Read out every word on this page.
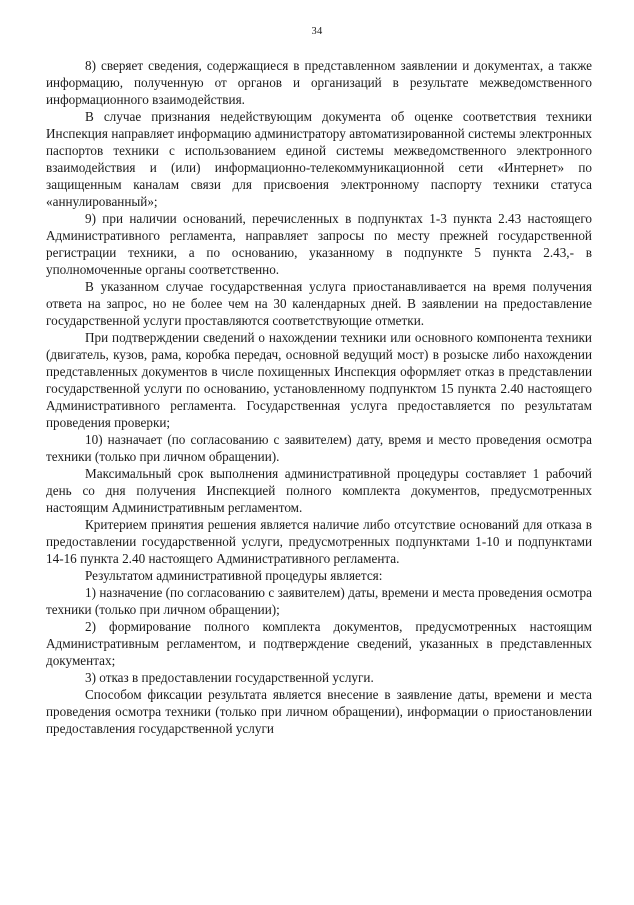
34

8) сверяет сведения, содержащиеся в представленном заявлении и документах, а также информацию, полученную от органов и организаций в результате межведомственного информационного взаимодействия.

В случае признания недействующим документа об оценке соответствия техники Инспекция направляет информацию администратору автоматизированной системы электронных паспортов техники с использованием единой системы межведомственного электронного взаимодействия и (или) информационно-телекоммуникационной сети «Интернет» по защищенным каналам связи для присвоения электронному паспорту техники статуса «аннулированный»;

9) при наличии оснований, перечисленных в подпунктах 1-3 пункта 2.43 настоящего Административного регламента, направляет запросы по месту прежней государственной регистрации техники, а по основанию, указанному в подпункте 5 пункта 2.43,- в уполномоченные органы соответственно.

В указанном случае государственная услуга приостанавливается на время получения ответа на запрос, но не более чем на 30 календарных дней. В заявлении на предоставление государственной услуги проставляются соответствующие отметки.

При подтверждении сведений о нахождении техники или основного компонента техники (двигатель, кузов, рама, коробка передач, основной ведущий мост) в розыске либо нахождении представленных документов в числе похищенных Инспекция оформляет отказ в представлении государственной услуги по основанию, установленному подпунктом 15 пункта 2.40 настоящего Административного регламента. Государственная услуга предоставляется по результатам проведения проверки;

10) назначает (по согласованию с заявителем) дату, время и место проведения осмотра техники (только при личном обращении).

Максимальный срок выполнения административной процедуры составляет 1 рабочий день со дня получения Инспекцией полного комплекта документов, предусмотренных настоящим Административным регламентом.

Критерием принятия решения является наличие либо отсутствие оснований для отказа в предоставлении государственной услуги, предусмотренных подпунктами 1-10 и подпунктами 14-16 пункта 2.40 настоящего Административного регламента.

Результатом административной процедуры является:

1) назначение (по согласованию с заявителем) даты, времени и места проведения осмотра техники (только при личном обращении);

2) формирование полного комплекта документов, предусмотренных настоящим Административным регламентом, и подтверждение сведений, указанных в представленных документах;

3) отказ в предоставлении государственной услуги.

Способом фиксации результата является внесение в заявление даты, времени и места проведения осмотра техники (только при личном обращении), информации о приостановлении предоставления государственной услуги
